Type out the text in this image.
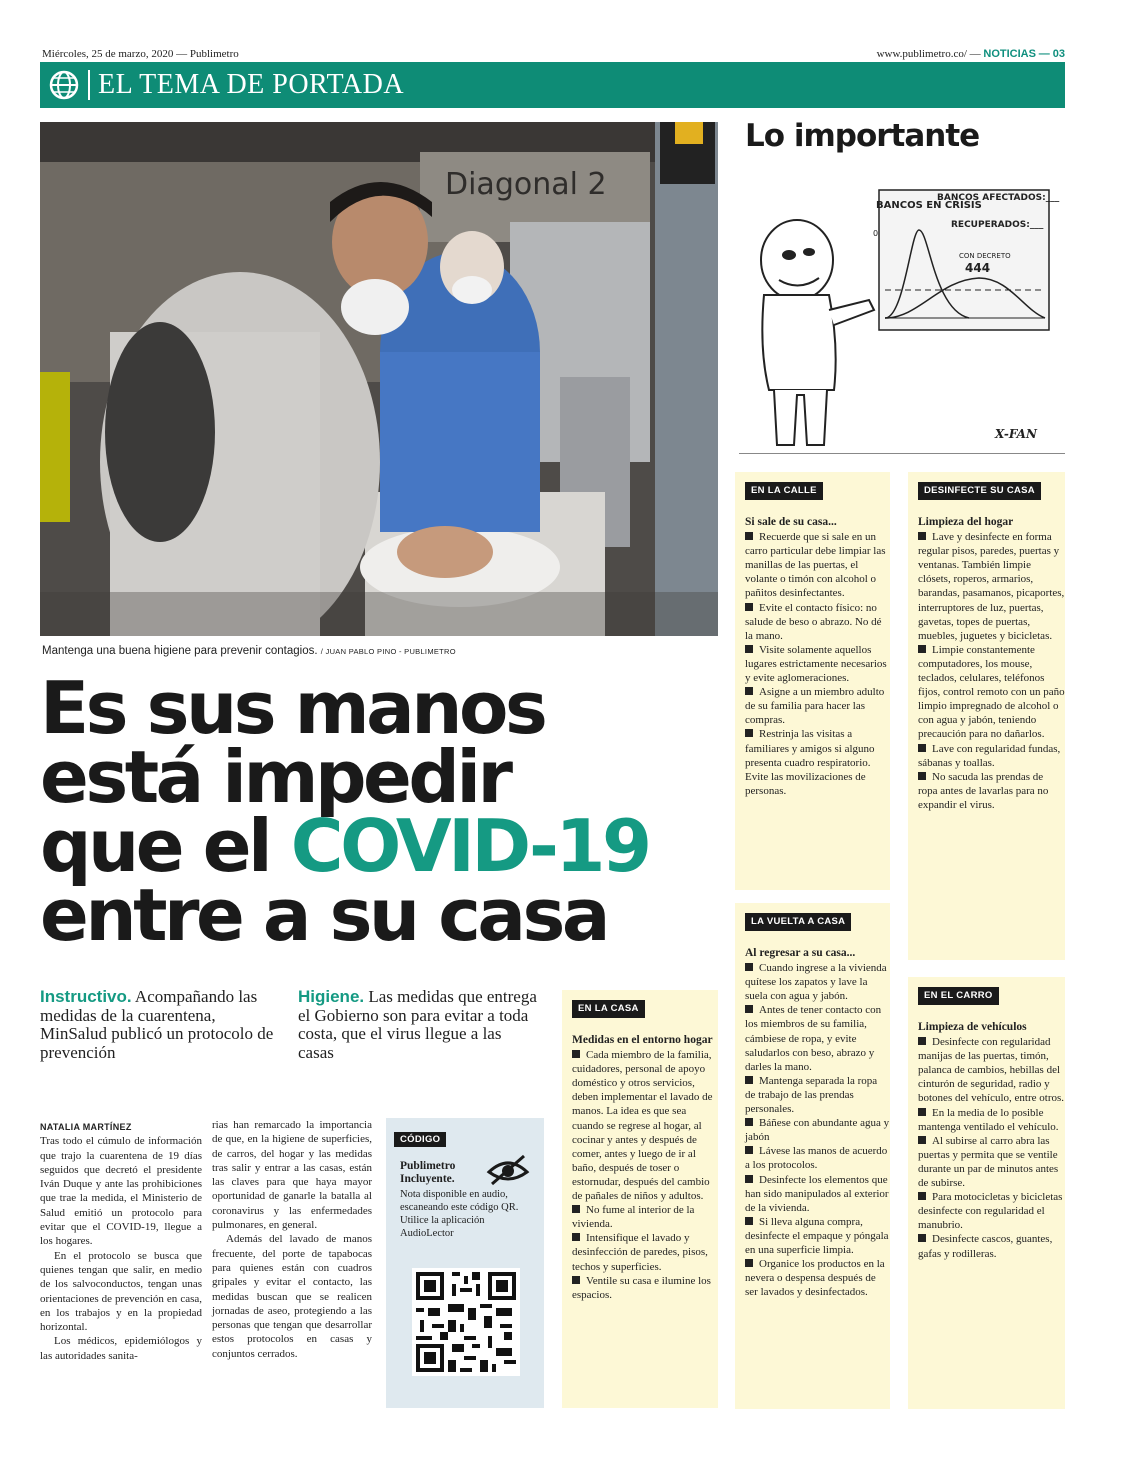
Miércoles, 25 de marzo, 2020 — Publimetro	www.publimetro.co/ — NOTICIAS — 03
EL TEMA DE PORTADA
Diagonal 2
Mantenga una buena higiene para prevenir contagios. / JUAN PABLO PINO - PUBLIMETRO
Es sus manos
está impedir
que el COVID-19
entre a su casa
Instructivo. Acompañando las medidas de la cuarentena, MinSalud publicó un protocolo de prevención
Higiene. Las medidas que entrega el Gobierno son para evitar a toda costa, que el virus llegue a las casas
NATALIA MARTÍNEZ

Tras todo el cúmulo de información que trajo la cuarentena de 19 días seguidos que decretó el presidente Iván Duque y ante las prohibiciones que trae la medida, el Ministerio de Salud emitió un protocolo para evitar que el COVID-19, llegue a los hogares.

En el protocolo se busca que quienes tengan que salir, en medio de los salvoconductos, tengan unas orientaciones de prevención en casa, en los trabajos y en la propiedad horizontal.

Los médicos, epidemiólogos y las autoridades sanita-

rias han remarcado la importancia de que, en la higiene de superficies, de carros, del hogar y las medidas tras salir y entrar a las casas, están las claves para que haya mayor oportunidad de ganarle la batalla al coronavirus y las enfermedades pulmonares, en general.

Además del lavado de manos frecuente, del porte de tapabocas para quienes están con cuadros gripales y evitar el contacto, las medidas buscan que se realicen jornadas de aseo, protegiendo a las personas que tengan que desarrollar estos protocolos en casas y conjuntos cerrados.

CÓDIGO
Publimetro Incluyente.
Nota disponible en audio, escaneando este código QR. Utilice la aplicación AudioLector
Lo importante
BANCOS EN CRISIS
BANCOS AFECTADOS:___
RECUPERADOS:___
CON DECRETO
444
0
X-FAN
EN LA CASA
Medidas en el entorno hogar
Cada miembro de la familia, cuidadores, personal de apoyo doméstico y otros servicios, deben implementar el lavado de manos. La idea es que sea cuando se regrese al hogar, al cocinar y antes y después de comer, antes y luego de ir al baño, después de toser o estornudar, después del cambio de pañales de niños y adultos.
No fume al interior de la vivienda.
Intensifique el lavado y desinfección de paredes, pisos, techos y superficies.
Ventile su casa e ilumine los espacios.
EN LA CALLE
Si sale de su casa...
Recuerde que si sale en un carro particular debe limpiar las manillas de las puertas, el volante o timón con alcohol o pañitos desinfectantes.
Evite el contacto físico: no salude de beso o abrazo. No dé la mano.
Visite solamente aquellos lugares estrictamente necesarios y evite aglomeraciones.
Asigne a un miembro adulto de su familia para hacer las compras.
Restrinja las visitas a familiares y amigos si alguno presenta cuadro respiratorio. Evite las movilizaciones de personas.
LA VUELTA A CASA
Al regresar a su casa...
Cuando ingrese a la vivienda quítese los zapatos y lave la suela con agua y jabón.
Antes de tener contacto con los miembros de su familia, cámbiese de ropa, y evite saludarlos con beso, abrazo y darles la mano.
Mantenga separada la ropa de trabajo de las prendas personales.
Báñese con abundante agua y jabón
Lávese las manos de acuerdo a los protocolos.
Desinfecte los elementos que han sido manipulados al exterior de la vivienda.
Si lleva alguna compra, desinfecte el empaque y póngala en una superficie limpia.
Organice los productos en la nevera o despensa después de ser lavados y desinfectados.
DESINFECTE SU CASA
Limpieza del hogar
Lave y desinfecte en forma regular pisos, paredes, puertas y ventanas. También limpie clósets, roperos, armarios, barandas, pasamanos, picaportes, interruptores de luz, puertas, gavetas, topes de puertas, muebles, juguetes y bicicletas.
Limpie constantemente computadores, los mouse, teclados, celulares, teléfonos fijos, control remoto con un paño limpio impregnado de alcohol o con agua y jabón, teniendo precaución para no dañarlos.
Lave con regularidad fundas, sábanas y toallas.
No sacuda las prendas de ropa antes de lavarlas para no expandir el virus.
EN EL CARRO
Limpieza de vehículos
Desinfecte con regularidad manijas de las puertas, timón, palanca de cambios, hebillas del cinturón de seguridad, radio y botones del vehículo, entre otros.
En la media de lo posible mantenga ventilado el vehículo.
Al subirse al carro abra las puertas y permita que se ventile durante un par de minutos antes de subirse.
Para motocicletas y bicicletas desinfecte con regularidad el manubrio.
Desinfecte cascos, guantes, gafas y rodilleras.
